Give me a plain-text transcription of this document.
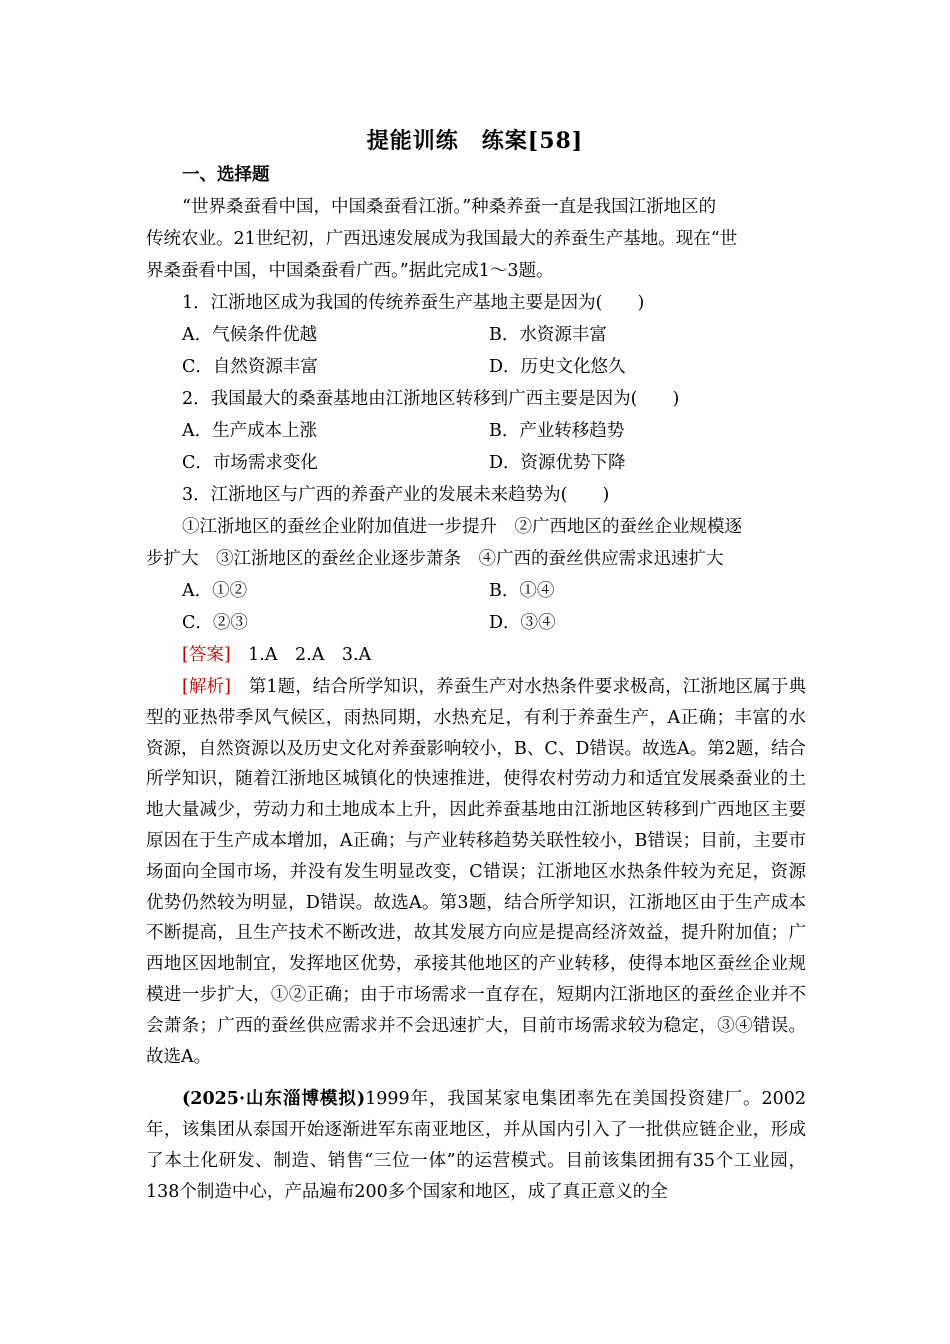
提能训练　练案[58]
一、选择题
“世界桑蚕看中国，中国桑蚕看江浙。”种桑养蚕一直是我国江浙地区的
传统农业。21世纪初，广西迅速发展成为我国最大的养蚕生产基地。现在“世
界桑蚕看中国，中国桑蚕看广西。”据此完成1～3题。
1．江浙地区成为我国的传统养蚕生产基地主要是因为(　　)
A．气候条件优越	B．水资源丰富
C．自然资源丰富	D．历史文化悠久
2．我国最大的桑蚕基地由江浙地区转移到广西主要是因为(　　)
A．生产成本上涨	B．产业转移趋势
C．市场需求变化	D．资源优势下降
3．江浙地区与广西的养蚕产业的发展未来趋势为(　　)
①江浙地区的蚕丝企业附加值进一步提升　②广西地区的蚕丝企业规模逐
步扩大　③江浙地区的蚕丝企业逐步萧条　④广西的蚕丝供应需求迅速扩大
A．①②	B．①④
C．②③	D．③④
[答案]　 1.A　2.A　3.A
[解析]　 第1题，结合所学知识，养蚕生产对水热条件要求极高，江浙地区属于典型的亚热带季风气候区，雨热同期，水热充足，有利于养蚕生产，A正确；丰富的水资源，自然资源以及历史文化对养蚕影响较小，B、C、D错误。故选A。第2题，结合所学知识，随着江浙地区城镇化的快速推进，使得农村劳动力和适宜发展桑蚕业的土地大量减少，劳动力和土地成本上升，因此养蚕基地由江浙地区转移到广西地区主要原因在于生产成本增加，A正确；与产业转移趋势关联性较小，B错误；目前，主要市场面向全国市场，并没有发生明显改变，C错误；江浙地区水热条件较为充足，资源优势仍然较为明显，D错误。故选A。第3题，结合所学知识，江浙地区由于生产成本不断提高，且生产技术不断改进，故其发展方向应是提高经济效益，提升附加值；广西地区因地制宜，发挥地区优势，承接其他地区的产业转移，使得本地区蚕丝企业规模进一步扩大，①②正确；由于市场需求一直存在，短期内江浙地区的蚕丝企业并不会萧条；广西的蚕丝供应需求并不会迅速扩大，目前市场需求较为稳定，③④错误。故选A。
(2025·山东淄博模拟)1999年，我国某家电集团率先在美国投资建厂。2002年，该集团从泰国开始逐渐进军东南亚地区，并从国内引入了一批供应链企业，形成了本土化研发、制造、销售“三位一体”的运营模式。目前该集团拥有35个工业园，138个制造中心，产品遍布200多个国家和地区，成了真正意义的全
